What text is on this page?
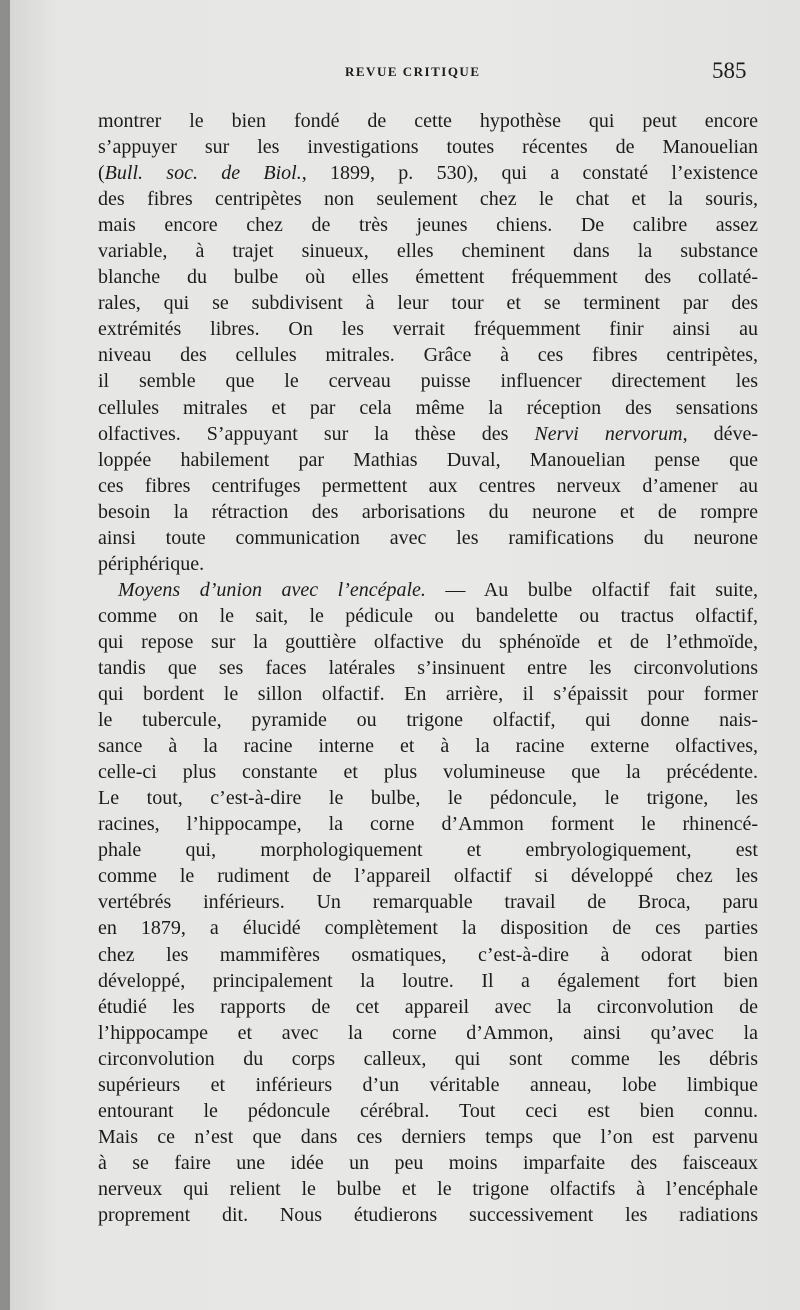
REVUE CRITIQUE	585
montrer le bien fondé de cette hypothèse qui peut encore
s’appuyer sur les investigations toutes récentes de Manouelian
(Bull. soc. de Biol., 1899, p. 530), qui a constaté l’existence
des fibres centripètes non seulement chez le chat et la souris,
mais encore chez de très jeunes chiens. De calibre assez
variable, à trajet sinueux, elles cheminent dans la substance
blanche du bulbe où elles émettent fréquemment des collaté-
rales, qui se subdivisent à leur tour et se terminent par des
extrémités libres. On les verrait fréquemment finir ainsi au
niveau des cellules mitrales. Grâce à ces fibres centripètes,
il semble que le cerveau puisse influencer directement les
cellules mitrales et par cela même la réception des sensations
olfactives. S’appuyant sur la thèse des Nervi nervorum, déve-
loppée habilement par Mathias Duval, Manouelian pense que
ces fibres centrifuges permettent aux centres nerveux d’amener au
besoin la rétraction des arborisations du neurone et de rompre
ainsi toute communication avec les ramifications du neurone
périphérique.
Moyens d’union avec l’encépale. — Au bulbe olfactif fait suite,
comme on le sait, le pédicule ou bandelette ou tractus olfactif,
qui repose sur la gouttière olfactive du sphénoïde et de l’ethmoïde,
tandis que ses faces latérales s’insinuent entre les circonvolutions
qui bordent le sillon olfactif. En arrière, il s’épaissit pour former
le tubercule, pyramide ou trigone olfactif, qui donne nais-
sance à la racine interne et à la racine externe olfactives,
celle-ci plus constante et plus volumineuse que la précédente.
Le tout, c’est-à-dire le bulbe, le pédoncule, le trigone, les
racines, l’hippocampe, la corne d’Ammon forment le rhinencé-
phale qui, morphologiquement et embryologiquement, est
comme le rudiment de l’appareil olfactif si développé chez les
vertébrés inférieurs. Un remarquable travail de Broca, paru
en 1879, a élucidé complètement la disposition de ces parties
chez les mammifères osmatiques, c’est-à-dire à odorat bien
développé, principalement la loutre. Il a également fort bien
étudié les rapports de cet appareil avec la circonvolution de
l’hippocampe et avec la corne d’Ammon, ainsi qu’avec la
circonvolution du corps calleux, qui sont comme les débris
supérieurs et inférieurs d’un véritable anneau, lobe limbique
entourant le pédoncule cérébral. Tout ceci est bien connu.
Mais ce n’est que dans ces derniers temps que l’on est parvenu
à se faire une idée un peu moins imparfaite des faisceaux
nerveux qui relient le bulbe et le trigone olfactifs à l’encéphale
proprement dit. Nous étudierons successivement les radiations
